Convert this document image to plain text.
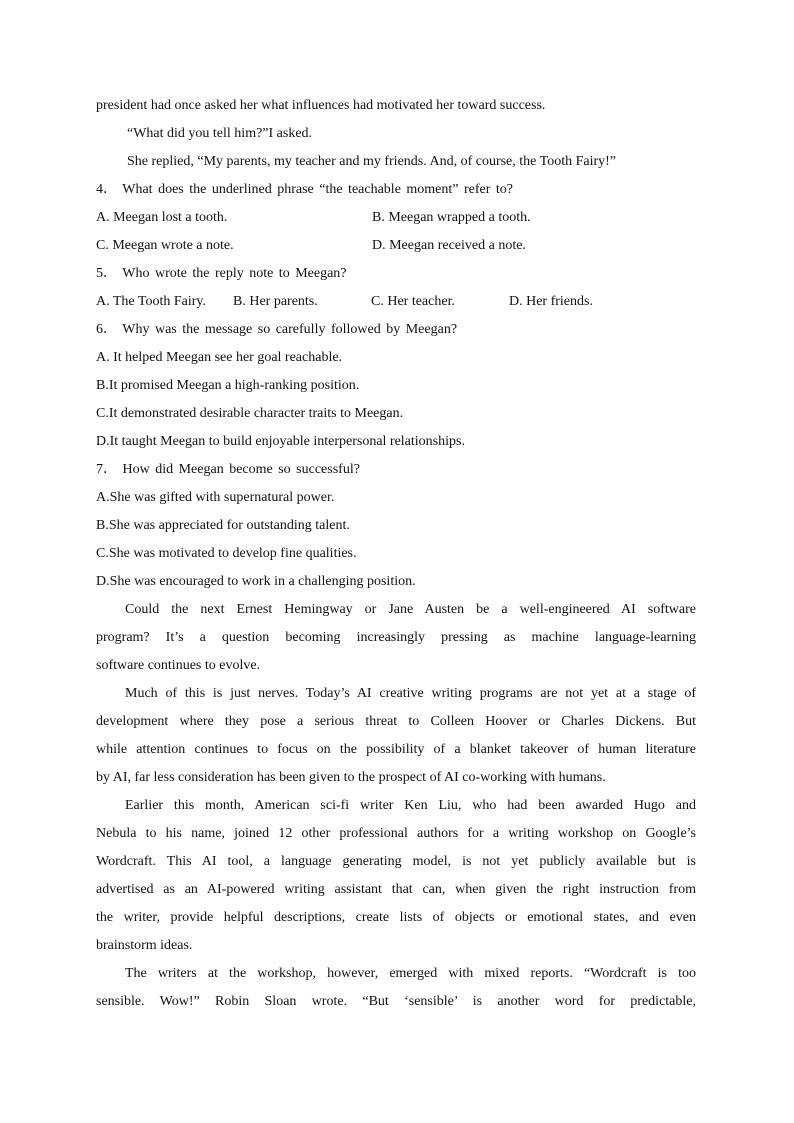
president had once asked her what influences had motivated her toward success.
“What did you tell him?”I asked.
She replied, “My parents, my teacher and my friends. And, of course, the Tooth Fairy!”
4． What does the underlined phrase “the teachable moment” refer to?
A. Meegan lost a tooth.	B. Meegan wrapped a tooth.
C. Meegan wrote a note.	D. Meegan received a note.
5． Who wrote the reply note to Meegan?
A. The Tooth Fairy. B. Her parents.	C. Her teacher.	D. Her friends.
6． Why was the message so carefully followed by Meegan?
A. It helped Meegan see her goal reachable.
B.It promised Meegan a high-ranking position.
C.It demonstrated desirable character traits to Meegan.
D.It taught Meegan to build enjoyable interpersonal relationships.
7． How did Meegan become so successful?
A.She was gifted with supernatural power.
B.She was appreciated for outstanding talent.
C.She was motivated to develop fine qualities.
D.She was encouraged to work in a challenging position.
Could the next Ernest Hemingway or Jane Austen be a well-engineered AI software
program? It’s a question becoming increasingly pressing as machine language-learning
software continues to evolve.
Much of this is just nerves. Today’s AI creative writing programs are not yet at a stage of
development where they pose a serious threat to Colleen Hoover or Charles Dickens. But
while attention continues to focus on the possibility of a blanket takeover of human literature
by AI, far less consideration has been given to the prospect of AI co-working with humans.
Earlier this month, American sci-fi writer Ken Liu, who had been awarded Hugo and
Nebula to his name, joined 12 other professional authors for a writing workshop on Google’s
Wordcraft. This AI tool, a language generating model, is not yet publicly available but is
advertised as an AI-powered writing assistant that can, when given the right instruction from
the writer, provide helpful descriptions, create lists of objects or emotional states, and even
brainstorm ideas.
The writers at the workshop, however, emerged with mixed reports. “Wordcraft is too
sensible. Wow!” Robin Sloan wrote. “But ‘sensible’ is another word for predictable,
